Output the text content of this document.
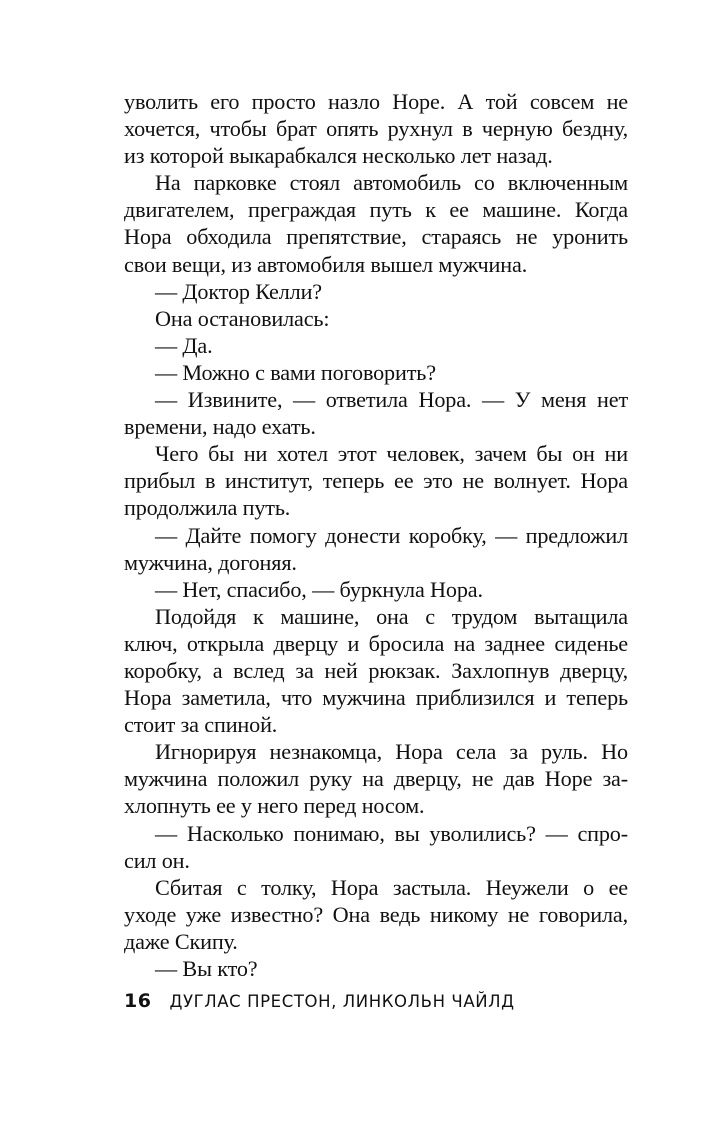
уволить его просто назло Норе. А той совсем не
хочется, чтобы брат опять рухнул в черную бездну,
из которой выкарабкался несколько лет назад.
На парковке стоял автомобиль со включенным
двигателем, преграждая путь к ее машине. Когда
Нора обходила препятствие, стараясь не уронить
свои вещи, из автомобиля вышел мужчина.
— Доктор Келли?
Она остановилась:
— Да.
— Можно с вами поговорить?
— Извините, — ответила Нора. — У меня нет
времени, надо ехать.
Чего бы ни хотел этот человек, зачем бы он ни
прибыл в институт, теперь ее это не волнует. Нора
продолжила путь.
— Дайте помогу донести коробку, — предложил
мужчина, догоняя.
— Нет, спасибо, — буркнула Нора.
Подойдя к машине, она с трудом вытащила
ключ, открыла дверцу и бросила на заднее сиденье
коробку, а вслед за ней рюкзак. Захлопнув дверцу,
Нора заметила, что мужчина приблизился и теперь
стоит за спиной.
Игнорируя незнакомца, Нора села за руль. Но
мужчина положил руку на дверцу, не дав Норе за-
хлопнуть ее у него перед носом.
— Насколько понимаю, вы уволились? — спро-
сил он.
Сбитая с толку, Нора застыла. Неужели о ее
уходе уже известно? Она ведь никому не говорила,
даже Скипу.
— Вы кто?
16 ДУГЛАС ПРЕСТОН, ЛИНКОЛЬН ЧАЙЛД
